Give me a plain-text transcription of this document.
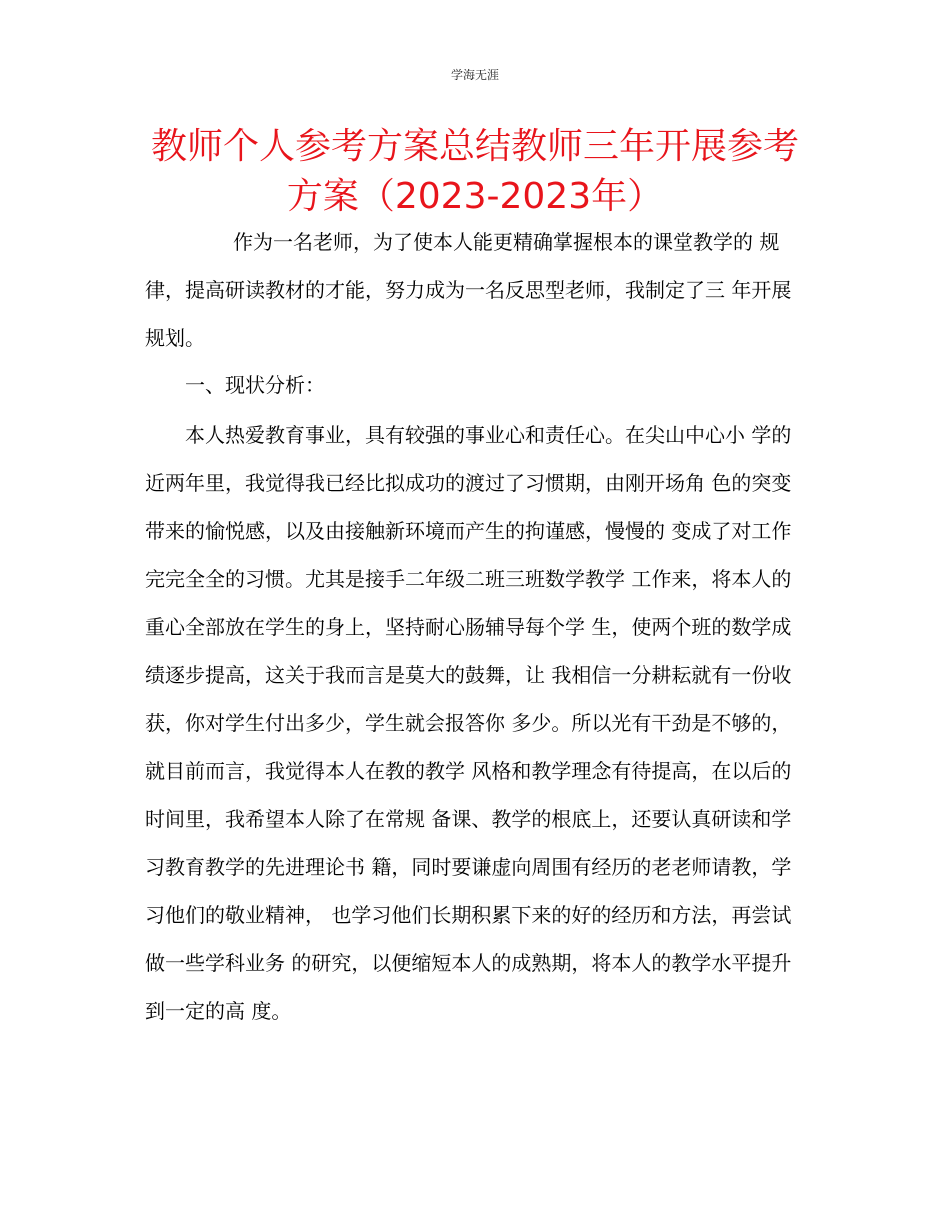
学海无涯
教师个人参考方案总结教师三年开展参考
方案（2023-2023年）
作为一名老师，为了使本人能更精确掌握根本的课堂教学的 规律，提高研读教材的才能，努力成为一名反思型老师，我制定了三 年开展规划。
一、现状分析：
本人热爱教育事业，具有较强的事业心和责任心。在尖山中心小 学的近两年里，我觉得我已经比拟成功的渡过了习惯期，由刚开场角 色的突变带来的愉悦感，以及由接触新环境而产生的拘谨感，慢慢的 变成了对工作完完全全的习惯。尤其是接手二年级二班三班数学教学 工作来，将本人的重心全部放在学生的身上，坚持耐心肠辅导每个学 生，使两个班的数学成绩逐步提高，这关于我而言是莫大的鼓舞，让 我相信一分耕耘就有一份收获，你对学生付出多少，学生就会报答你 多少。所以光有干劲是不够的，就目前而言，我觉得本人在教的教学 风格和教学理念有待提高，在以后的时间里，我希望本人除了在常规 备课、教学的根底上，还要认真研读和学习教育教学的先进理论书 籍，同时要谦虚向周围有经历的老老师请教，学习他们的敬业精神， 也学习他们长期积累下来的好的经历和方法，再尝试做一些学科业务 的研究，以便缩短本人的成熟期，将本人的教学水平提升到一定的高 度。
